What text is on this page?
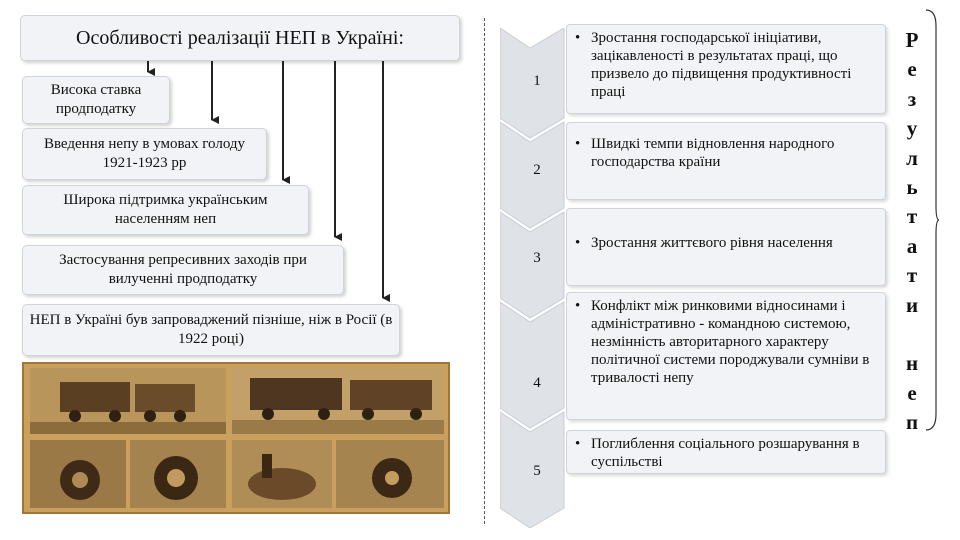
Особливості реалізації НЕП в Україні:
Висока ставка продподатку
Введення непу в умовах голоду 1921-1923 рр
Широка підтримка українським населенням неп
Застосування репресивних заходів при вилученні продподатку
НЕП в Україні був запроваджений пізніше, ніж в Росії (в 1922 році)
1
2
3
4
5
• Зростання господарської ініціативи, зацікавленості в результатах праці, що призвело до підвищення продуктивності праці
• Швидкі темпи відновлення народного господарства країни
• Зростання життєвого рівня населення
• Конфлікт між ринковими відносинами і адміністративно - командною системою, незмінність авторитарного характеру політичної системи породжували сумніви в тривалості непу
• Поглиблення соціального розшарування в суспільстві
Р
е
з
у
л
ь
т
а
т
и
н
е
п
